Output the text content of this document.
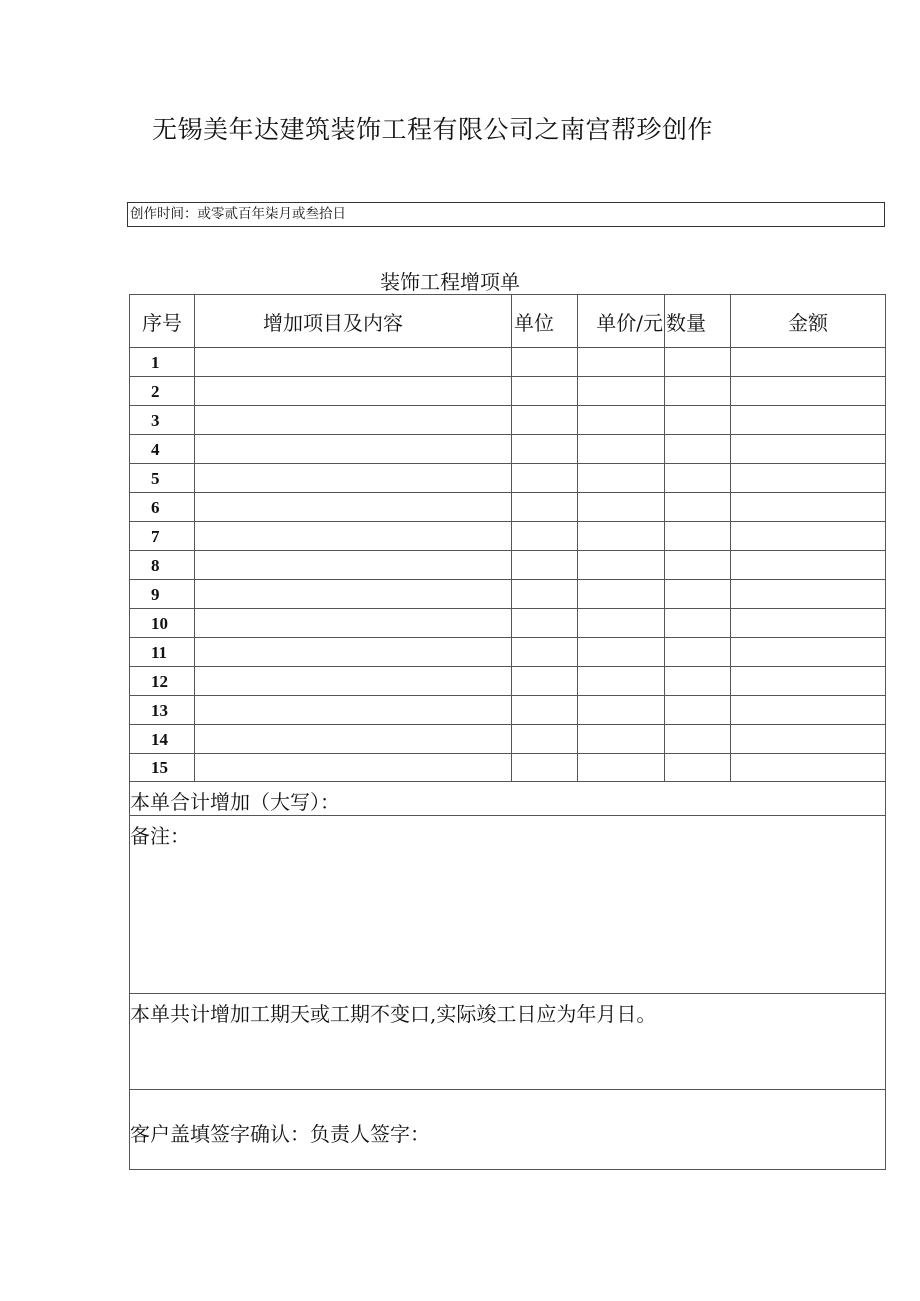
无锡美年达建筑装饰工程有限公司之南宫帮珍创作
创作时间：或零贰百年柒月或叁拾日
装饰工程增项单
序号	增加项目及内容	单位	单价/元	数量	金额
1					
2					
3					
4					
5					
6					
7					
8					
9					
10					
11					
12					
13					
14					
15					

本单合计增加（大写）：					

备注：					

本单共计增加工期天或工期不变口,实际竣工日应为年月日。					

客户盖填签字确认：负责人签字：					
